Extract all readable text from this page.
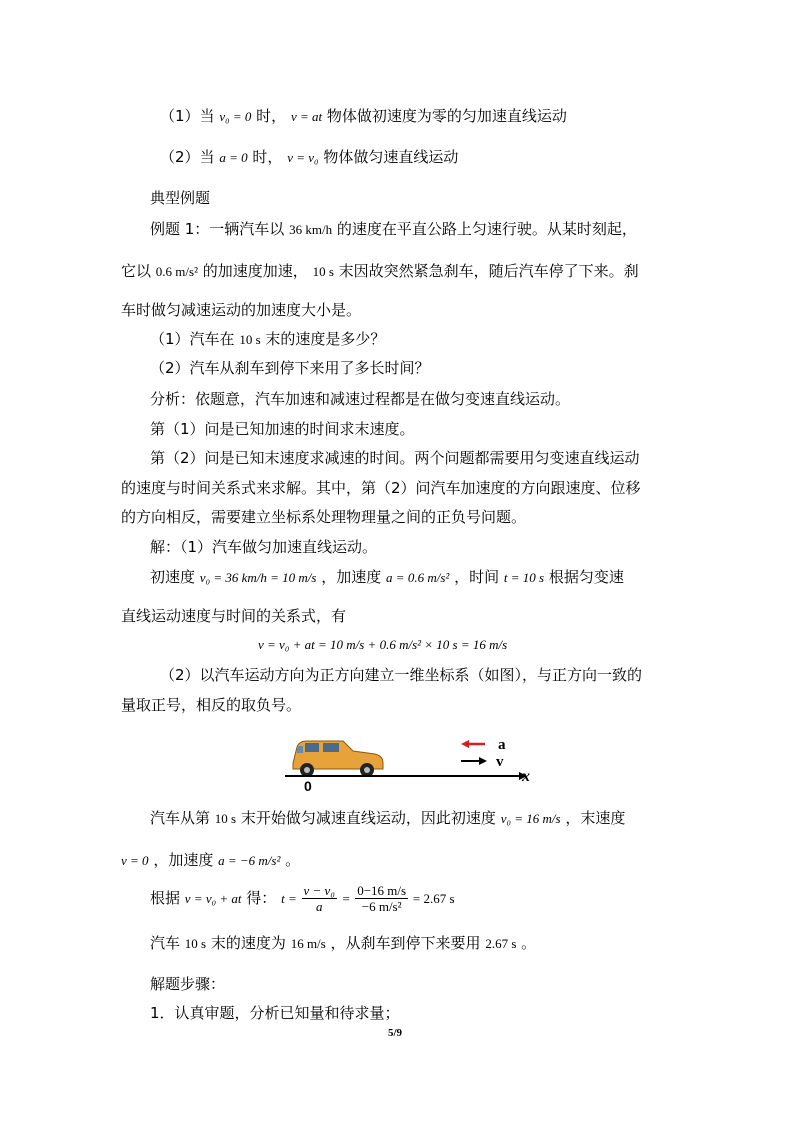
（1）当 v₀ = 0 时， v = at 物体做初速度为零的匀加速直线运动
（2）当 a = 0 时， v = v₀ 物体做匀速直线运动
典型例题
例题 1：一辆汽车以 36 km/h 的速度在平直公路上匀速行驶。从某时刻起，
它以 0.6 m/s² 的加速度加速， 10 s 末因故突然紧急刹车，随后汽车停了下来。刹
车时做匀减速运动的加速度大小是。
（1）汽车在 10 s 末的速度是多少？
（2）汽车从刹车到停下来用了多长时间？
分析：依题意，汽车加速和减速过程都是在做匀变速直线运动。
第（1）问是已知加速的时间求末速度。
第（2）问是已知末速度求减速的时间。两个问题都需要用匀变速直线运动
的速度与时间关系式来求解。其中，第（2）问汽车加速度的方向跟速度、位移
的方向相反，需要建立坐标系处理物理量之间的正负号问题。
解：（1）汽车做匀加速直线运动。
初速度 v₀ = 36 km/h = 10 m/s ，加速度 a = 0.6 m/s² ，时间 t = 10 s 根据匀变速
直线运动速度与时间的关系式，有
v = v₀ + at = 10 m/s + 0.6 m/s² × 10 s = 16 m/s
（2）以汽车运动方向为正方向建立一维坐标系（如图），与正方向一致的
量取正号，相反的取负号。
x
0
a
v
汽车从第 10 s 末开始做匀减速直线运动，因此初速度 v₀ = 16 m/s ，末速度
v = 0 ，加速度 a = −6 m/s² 。
根据 v = v₀ + at 得： $t = \frac{\text{v − v₀}}{a} = \frac{0-16 m/s}{\text{−6 m/s²}} = 2.67$ s
汽车 10 s 末的速度为 16 m/s ，从刹车到停下来要用 2.67 s 。
解题步骤：
1．认真审题，分析已知量和待求量；
5/9
